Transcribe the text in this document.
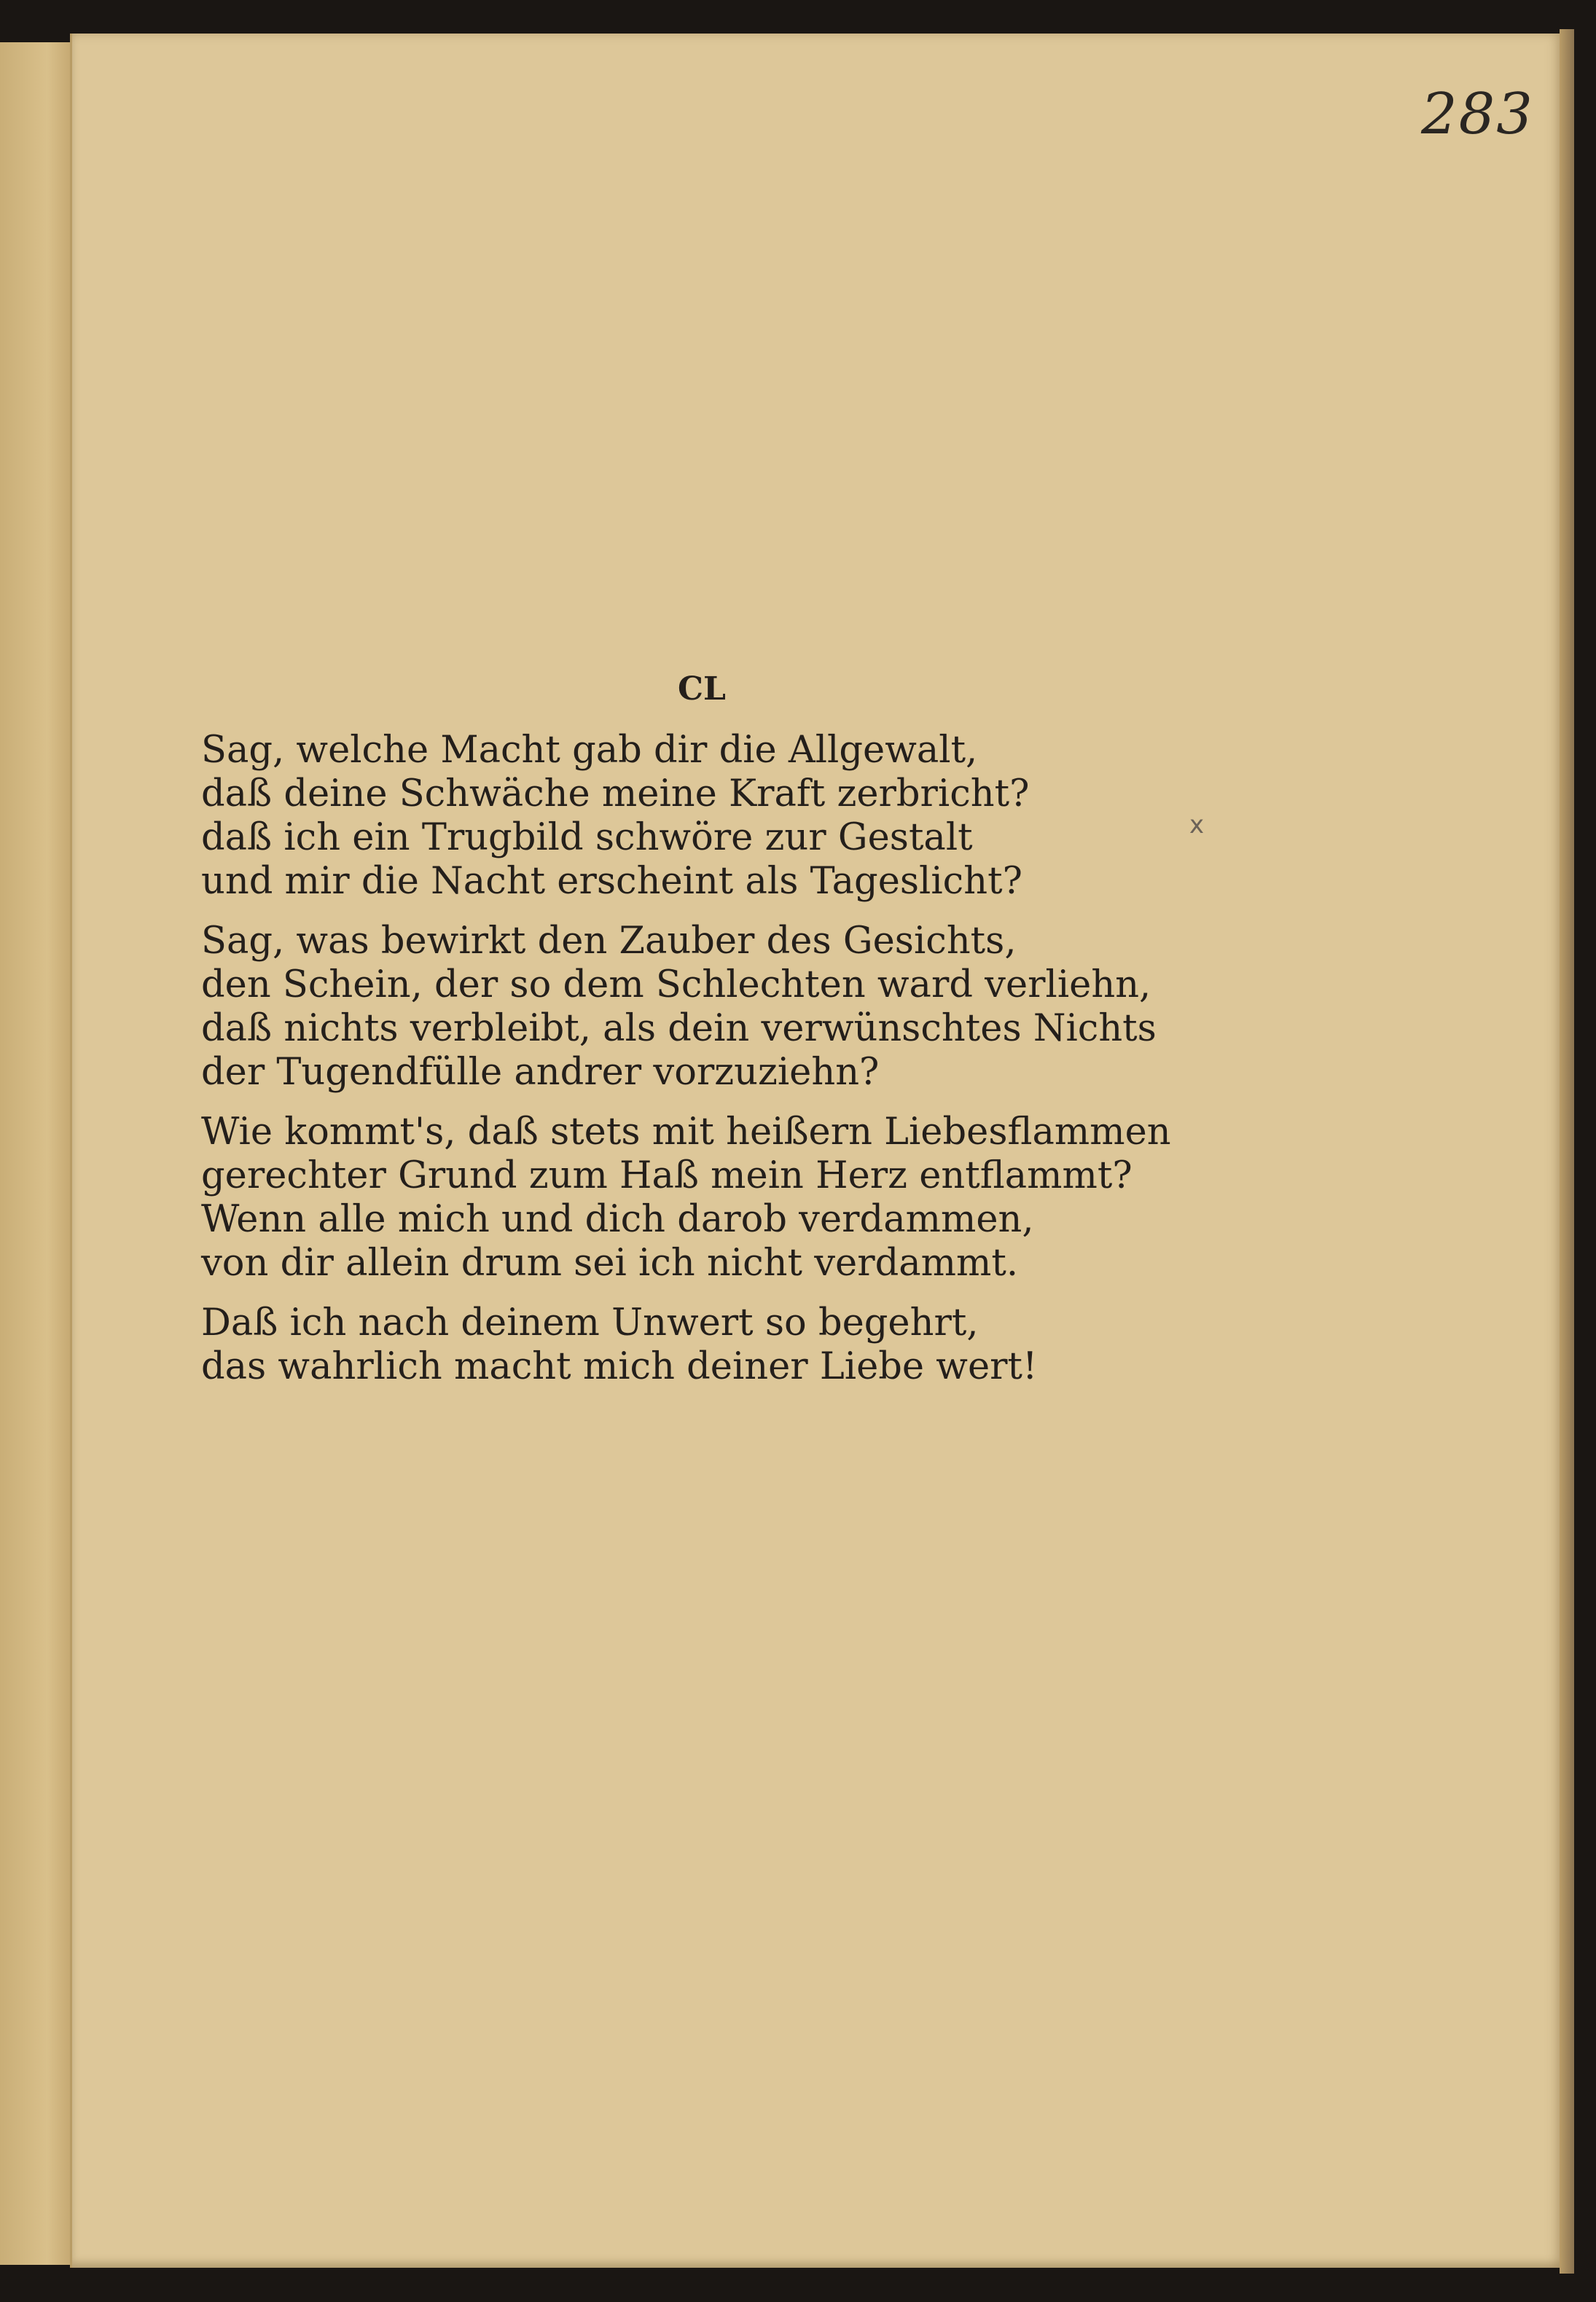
283
CL
x
Sag, welche Macht gab dir die Allgewalt,
daß deine Schwäche meine Kraft zerbricht?
daß ich ein Trugbild schwöre zur Gestalt
und mir die Nacht erscheint als Tageslicht?
Sag, was bewirkt den Zauber des Gesichts,
den Schein, der so dem Schlechten ward verliehn,
daß nichts verbleibt, als dein verwünschtes Nichts
der Tugendfülle andrer vorzuziehn?
Wie kommt's, daß stets mit heißern Liebesflammen
gerechter Grund zum Haß mein Herz entflammt?
Wenn alle mich und dich darob verdammen,
von dir allein drum sei ich nicht verdammt.
Daß ich nach deinem Unwert so begehrt,
das wahrlich macht mich deiner Liebe wert!
